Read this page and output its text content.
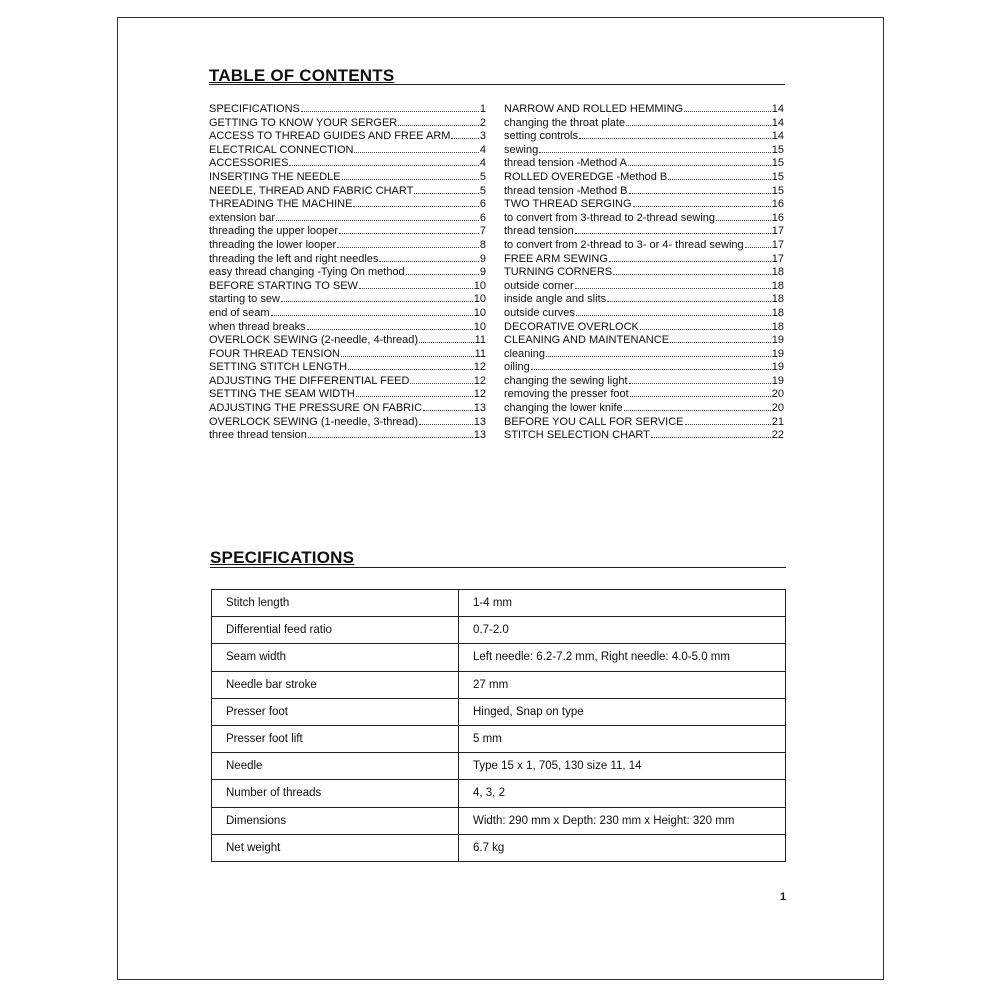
TABLE OF CONTENTS
SPECIFICATIONS	1
GETTING TO KNOW YOUR SERGER	2
ACCESS TO THREAD GUIDES AND FREE ARM	3
ELECTRICAL CONNECTION	4
ACCESSORIES	4
INSERTING THE NEEDLE	5
NEEDLE, THREAD AND FABRIC CHART	5
THREADING THE MACHINE	6
extension bar	6
threading the upper looper	7
threading the lower looper	8
threading the left and right needles	9
easy thread changing -Tying On method	9
BEFORE STARTING TO SEW	10
starting to sew	10
end of seam	10
when thread breaks	10
OVERLOCK SEWING (2-needle, 4-thread)	11
FOUR THREAD TENSION	11
SETTING STITCH LENGTH	12
ADJUSTING THE DIFFERENTIAL FEED	12
SETTING THE SEAM WIDTH	12
ADJUSTING THE PRESSURE ON FABRIC	13
OVERLOCK SEWING (1-needle, 3-thread)	13
three thread tension	13
NARROW AND ROLLED HEMMING	14
changing the throat plate	14
setting controls	14
sewing	15
thread tension -Method A	15
ROLLED OVEREDGE -Method B	15
thread tension -Method B	15
TWO THREAD SERGING	16
to convert from 3-thread to 2-thread sewing	16
thread tension	17
to convert from 2-thread to 3- or 4- thread sewing	17
FREE ARM SEWING	17
TURNING CORNERS	18
outside corner	18
inside angle and slits	18
outside curves	18
DECORATIVE OVERLOCK	18
CLEANING AND MAINTENANCE	19
cleaning	19
oiling	19
changing the sewing light	19
removing the presser foot	20
changing the lower knife	20
BEFORE YOU CALL FOR SERVICE	21
STITCH SELECTION CHART	22
SPECIFICATIONS
Stitch length	1-4 mm
Differential feed ratio	0.7-2.0
Seam width	Left needle: 6.2-7.2 mm, Right needle: 4.0-5.0 mm
Needle bar stroke	27 mm
Presser foot	Hinged, Snap on type
Presser foot lift	5 mm
Needle	Type 15 x 1, 705, 130 size 11, 14
Number of threads	4, 3, 2
Dimensions	Width: 290 mm x Depth: 230 mm x Height: 320 mm
Net weight	6.7 kg
1
